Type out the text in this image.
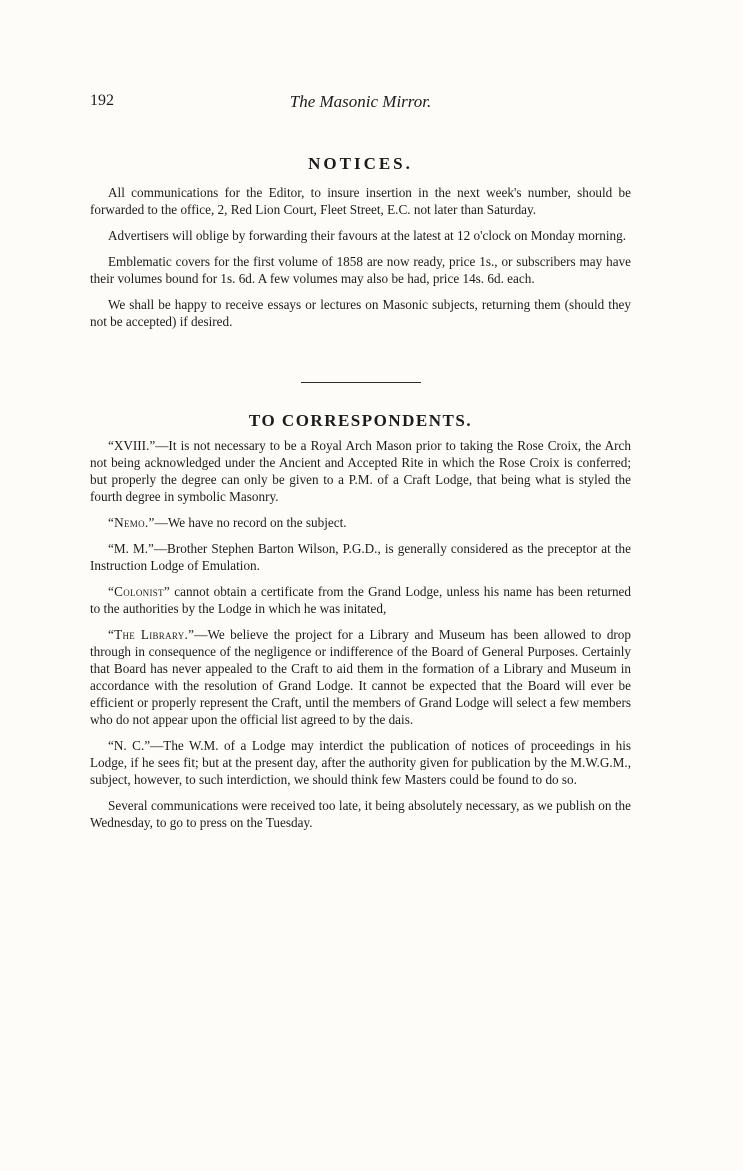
192	The Masonic Mirror.
NOTICES.

All communications for the Editor, to insure insertion in the next week's number, should be forwarded to the office, 2, Red Lion Court, Fleet Street, E.C. not later than Saturday.

Advertisers will oblige by forwarding their favours at the latest at 12 o'clock on Monday morning.

Emblematic covers for the first volume of 1858 are now ready, price 1s., or subscribers may have their volumes bound for 1s. 6d. A few volumes may also be had, price 14s. 6d. each.

We shall be happy to receive essays or lectures on Masonic subjects, returning them (should they not be accepted) if desired.

TO CORRESPONDENTS.

“XVIII.”—It is not necessary to be a Royal Arch Mason prior to taking the Rose Croix, the Arch not being acknowledged under the Ancient and Accepted Rite in which the Rose Croix is conferred; but properly the degree can only be given to a P.M. of a Craft Lodge, that being what is styled the fourth degree in symbolic Masonry.

“Nemo.”—We have no record on the subject.

“M. M.”—Brother Stephen Barton Wilson, P.G.D., is generally considered as the preceptor at the Instruction Lodge of Emulation.

“Colonist” cannot obtain a certificate from the Grand Lodge, unless his name has been returned to the authorities by the Lodge in which he was initated,

“The Library.”—We believe the project for a Library and Museum has been allowed to drop through in consequence of the negligence or indifference of the Board of General Purposes. Certainly that Board has never appealed to the Craft to aid them in the formation of a Library and Museum in accordance with the resolution of Grand Lodge. It cannot be expected that the Board will ever be efficient or properly represent the Craft, until the members of Grand Lodge will select a few members who do not appear upon the official list agreed to by the dais.

“N. C.”—The W.M. of a Lodge may interdict the publication of notices of proceedings in his Lodge, if he sees fit; but at the present day, after the authority given for publication by the M.W.G.M., subject, however, to such interdiction, we should think few Masters could be found to do so.

Several communications were received too late, it being absolutely necessary, as we publish on the Wednesday, to go to press on the Tuesday.
